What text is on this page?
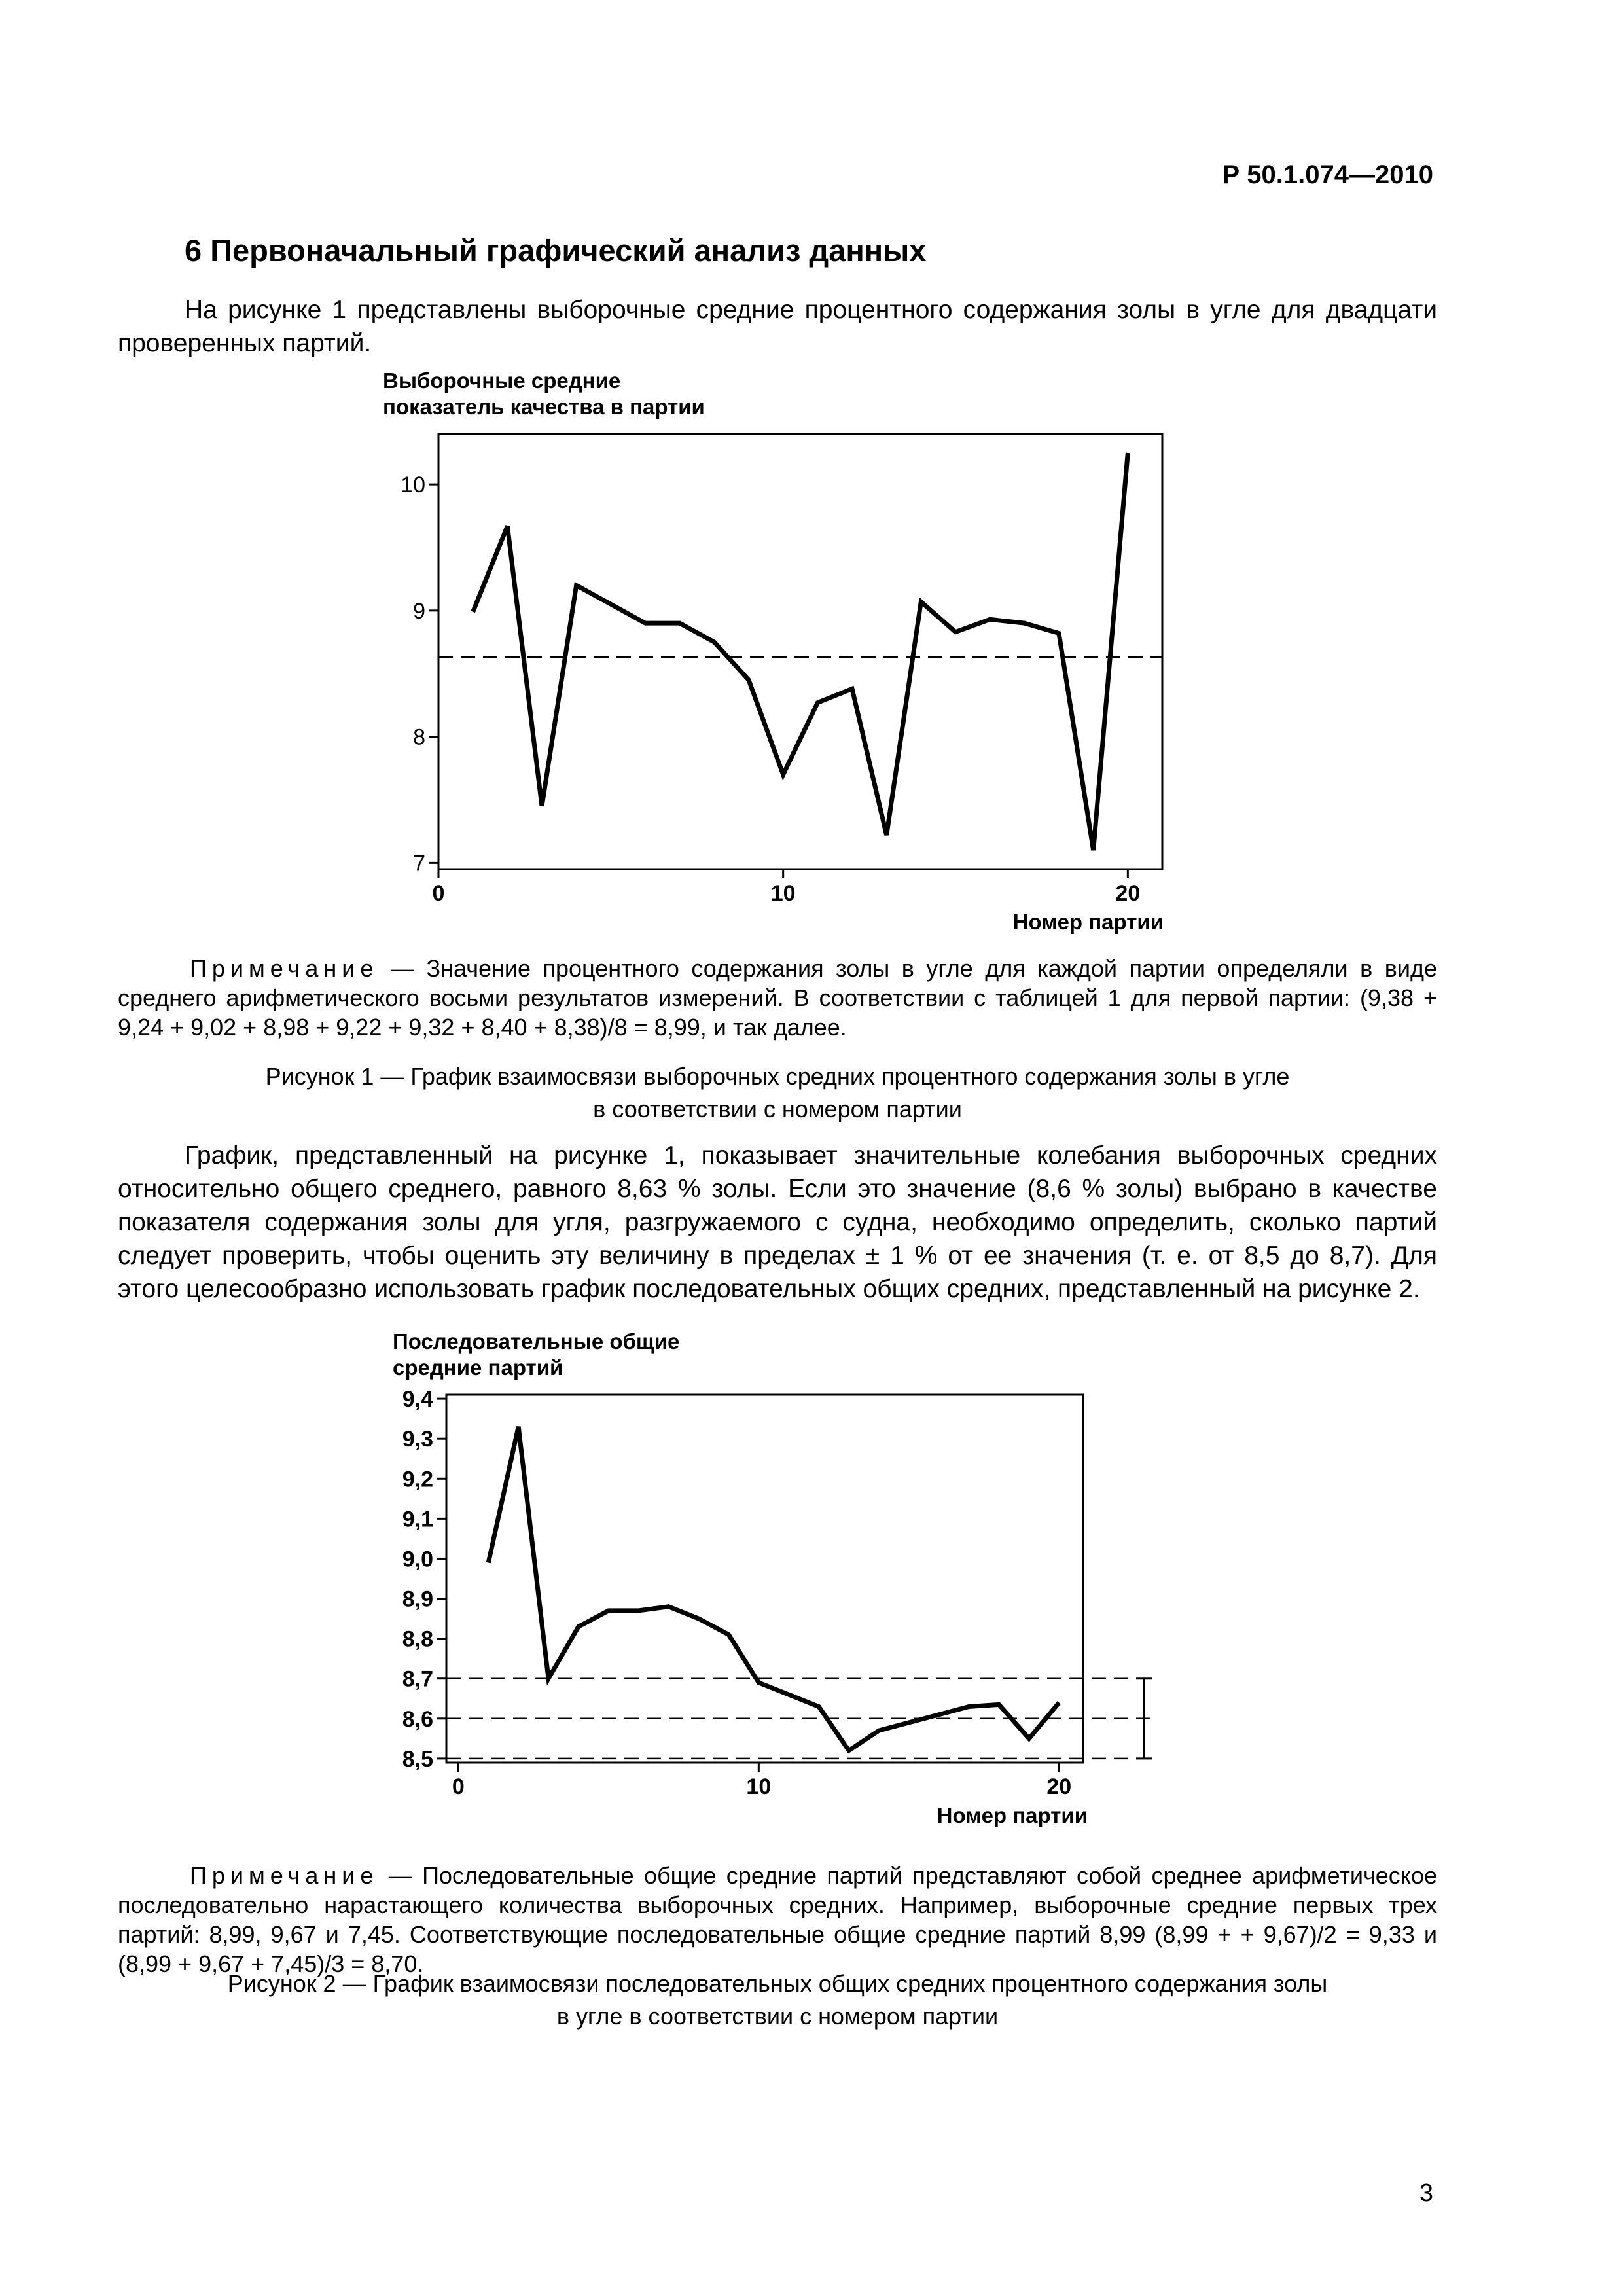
Р 50.1.074—2010
6 Первоначальный графический анализ данных

На рисунке 1 представлены выборочные средние процентного содержания золы в угле для двадцати проверенных партий.

Выборочные средние
показатель качества в партии
7
8
9
10
0	10	20
Номер партии
Последовательные общие
средние партий
8,5
8,6
8,7
8,8
8,9
9,0
9,1
9,2
9,3
9,4
0	10	20
Номер партии

Примечание — Значение процентного содержания золы в угле для каждой партии определяли в виде среднего арифметического восьми результатов измерений. В соответствии с таблицей 1 для первой партии: (9,38 + 9,24 + 9,02 + 8,98 + 9,22 + 9,32 + 8,40 + 8,38)/8 = 8,99, и так далее.

Рисунок 1 — График взаимосвязи выборочных средних процентного содержания золы в угле
в соответствии с номером партии

График, представленный на рисунке 1, показывает значительные колебания выборочных средних относительно общего среднего, равного 8,63 % золы. Если это значение (8,6 % золы) выбрано в качестве показателя содержания золы для угля, разгружаемого с судна, необходимо определить, сколько партий следует проверить, чтобы оценить эту величину в пределах ± 1 % от ее значения (т. е. от 8,5 до 8,7). Для этого целесообразно использовать график последовательных общих средних, представленный на рисунке 2.

Примечание — Последовательные общие средние партий представляют собой среднее арифметическое последовательно нарастающего количества выборочных средних. Например, выборочные средние первых трех партий: 8,99, 9,67 и 7,45. Соответствующие последовательные общие средние партий 8,99 (8,99 + + 9,67)/2 = 9,33 и (8,99 + 9,67 + 7,45)/3 = 8,70.

Рисунок 2 — График взаимосвязи последовательных общих средних процентного содержания золы
в угле в соответствии с номером партии
3
